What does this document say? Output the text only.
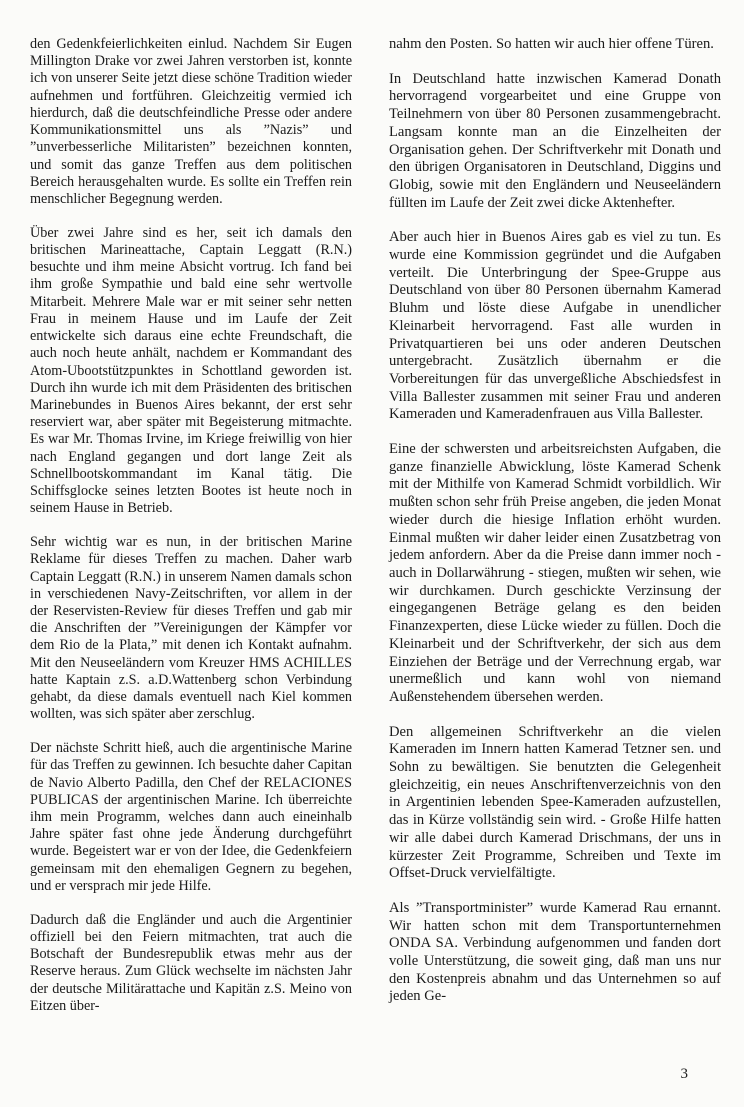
den Gedenkfeierlichkeiten einlud. Nachdem Sir Eugen Millington Drake vor zwei Jahren verstorben ist, konnte ich von unserer Seite jetzt diese schöne Tradition wieder aufnehmen und fortführen. Gleichzeitig vermied ich hierdurch, daß die deutschfeindliche Presse oder andere Kommunikationsmittel uns als ”Nazis” und ”unverbesserliche Militaristen” bezeichnen konnten, und somit das ganze Treffen aus dem politischen Bereich herausgehalten wurde. Es sollte ein Treffen rein menschlicher Begegnung werden.

Über zwei Jahre sind es her, seit ich damals den britischen Marineattache, Captain Leggatt (R.N.) besuchte und ihm meine Absicht vortrug. Ich fand bei ihm große Sympathie und bald eine sehr wertvolle Mitarbeit. Mehrere Male war er mit seiner sehr netten Frau in meinem Hause und im Laufe der Zeit entwickelte sich daraus eine echte Freundschaft, die auch noch heute anhält, nachdem er Kommandant des Atom-Ubootstützpunktes in Schottland geworden ist. Durch ihn wurde ich mit dem Präsidenten des britischen Marinebundes in Buenos Aires bekannt, der erst sehr reserviert war, aber später mit Begeisterung mitmachte. Es war Mr. Thomas Irvine, im Kriege freiwillig von hier nach England gegangen und dort lange Zeit als Schnellbootskommandant im Kanal tätig. Die Schiffsglocke seines letzten Bootes ist heute noch in seinem Hause in Betrieb.

Sehr wichtig war es nun, in der britischen Marine Reklame für dieses Treffen zu machen. Daher warb Captain Leggatt (R.N.) in unserem Namen damals schon in verschiedenen Navy-Zeitschriften, vor allem in der der Reservisten-Review für dieses Treffen und gab mir die Anschriften der ”Vereinigungen der Kämpfer vor dem Rio de la Plata,” mit denen ich Kontakt aufnahm. Mit den Neuseeländern vom Kreuzer HMS ACHILLES hatte Kaptain z.S. a.D.Wattenberg schon Verbindung gehabt, da diese damals eventuell nach Kiel kommen wollten, was sich später aber zerschlug.

Der nächste Schritt hieß, auch die argentinische Marine für das Treffen zu gewinnen. Ich besuchte daher Capitan de Navio Alberto Padilla, den Chef der RELACIONES PUBLICAS der argentinischen Marine. Ich überreichte ihm mein Programm, welches dann auch eineinhalb Jahre später fast ohne jede Änderung durchgeführt wurde. Begeistert war er von der Idee, die Gedenkfeiern gemeinsam mit den ehemaligen Gegnern zu begehen, und er versprach mir jede Hilfe.

Dadurch daß die Engländer und auch die Argentinier offiziell bei den Feiern mitmachten, trat auch die Botschaft der Bundesrepublik etwas mehr aus der Reserve heraus. Zum Glück wechselte im nächsten Jahr der deutsche Militärattache und Kapitän z.S. Meino von Eitzen über-

nahm den Posten. So hatten wir auch hier offene Türen.

In Deutschland hatte inzwischen Kamerad Donath hervorragend vorgearbeitet und eine Gruppe von Teilnehmern von über 80 Personen zusammengebracht. Langsam konnte man an die Einzelheiten der Organisation gehen. Der Schriftverkehr mit Donath und den übrigen Organisatoren in Deutschland, Diggins und Globig, sowie mit den Engländern und Neuseeländern füllten im Laufe der Zeit zwei dicke Aktenhefter.

Aber auch hier in Buenos Aires gab es viel zu tun. Es wurde eine Kommission gegründet und die Aufgaben verteilt. Die Unterbringung der Spee-Gruppe aus Deutschland von über 80 Personen übernahm Kamerad Bluhm und löste diese Aufgabe in unendlicher Kleinarbeit hervorragend. Fast alle wurden in Privatquartieren bei uns oder anderen Deutschen untergebracht. Zusätzlich übernahm er die Vorbereitungen für das unvergeßliche Abschiedsfest in Villa Ballester zusammen mit seiner Frau und anderen Kameraden und Kameradenfrauen aus Villa Ballester.

Eine der schwersten und arbeitsreichsten Aufgaben, die ganze finanzielle Abwicklung, löste Kamerad Schenk mit der Mithilfe von Kamerad Schmidt vorbildlich. Wir mußten schon sehr früh Preise angeben, die jeden Monat wieder durch die hiesige Inflation erhöht wurden. Einmal mußten wir daher leider einen Zusatzbetrag von jedem anfordern. Aber da die Preise dann immer noch - auch in Dollarwährung - stiegen, mußten wir sehen, wie wir durchkamen. Durch geschickte Verzinsung der eingegangenen Beträge gelang es den beiden Finanzexperten, diese Lücke wieder zu füllen. Doch die Kleinarbeit und der Schriftverkehr, der sich aus dem Einziehen der Beträge und der Verrechnung ergab, war unermeßlich und kann wohl von niemand Außenstehendem übersehen werden.

Den allgemeinen Schriftverkehr an die vielen Kameraden im Innern hatten Kamerad Tetzner sen. und Sohn zu bewältigen. Sie benutzten die Gelegenheit gleichzeitig, ein neues Anschriftenverzeichnis von den in Argentinien lebenden Spee-Kameraden aufzustellen, das in Kürze vollständig sein wird. - Große Hilfe hatten wir alle dabei durch Kamerad Drischmans, der uns in kürzester Zeit Programme, Schreiben und Texte im Offset-Druck vervielfältigte.

Als ”Transportminister” wurde Kamerad Rau ernannt. Wir hatten schon mit dem Transportunternehmen ONDA SA. Verbindung aufgenommen und fanden dort volle Unterstützung, die soweit ging, daß man uns nur den Kostenpreis abnahm und das Unternehmen so auf jeden Ge-

3
